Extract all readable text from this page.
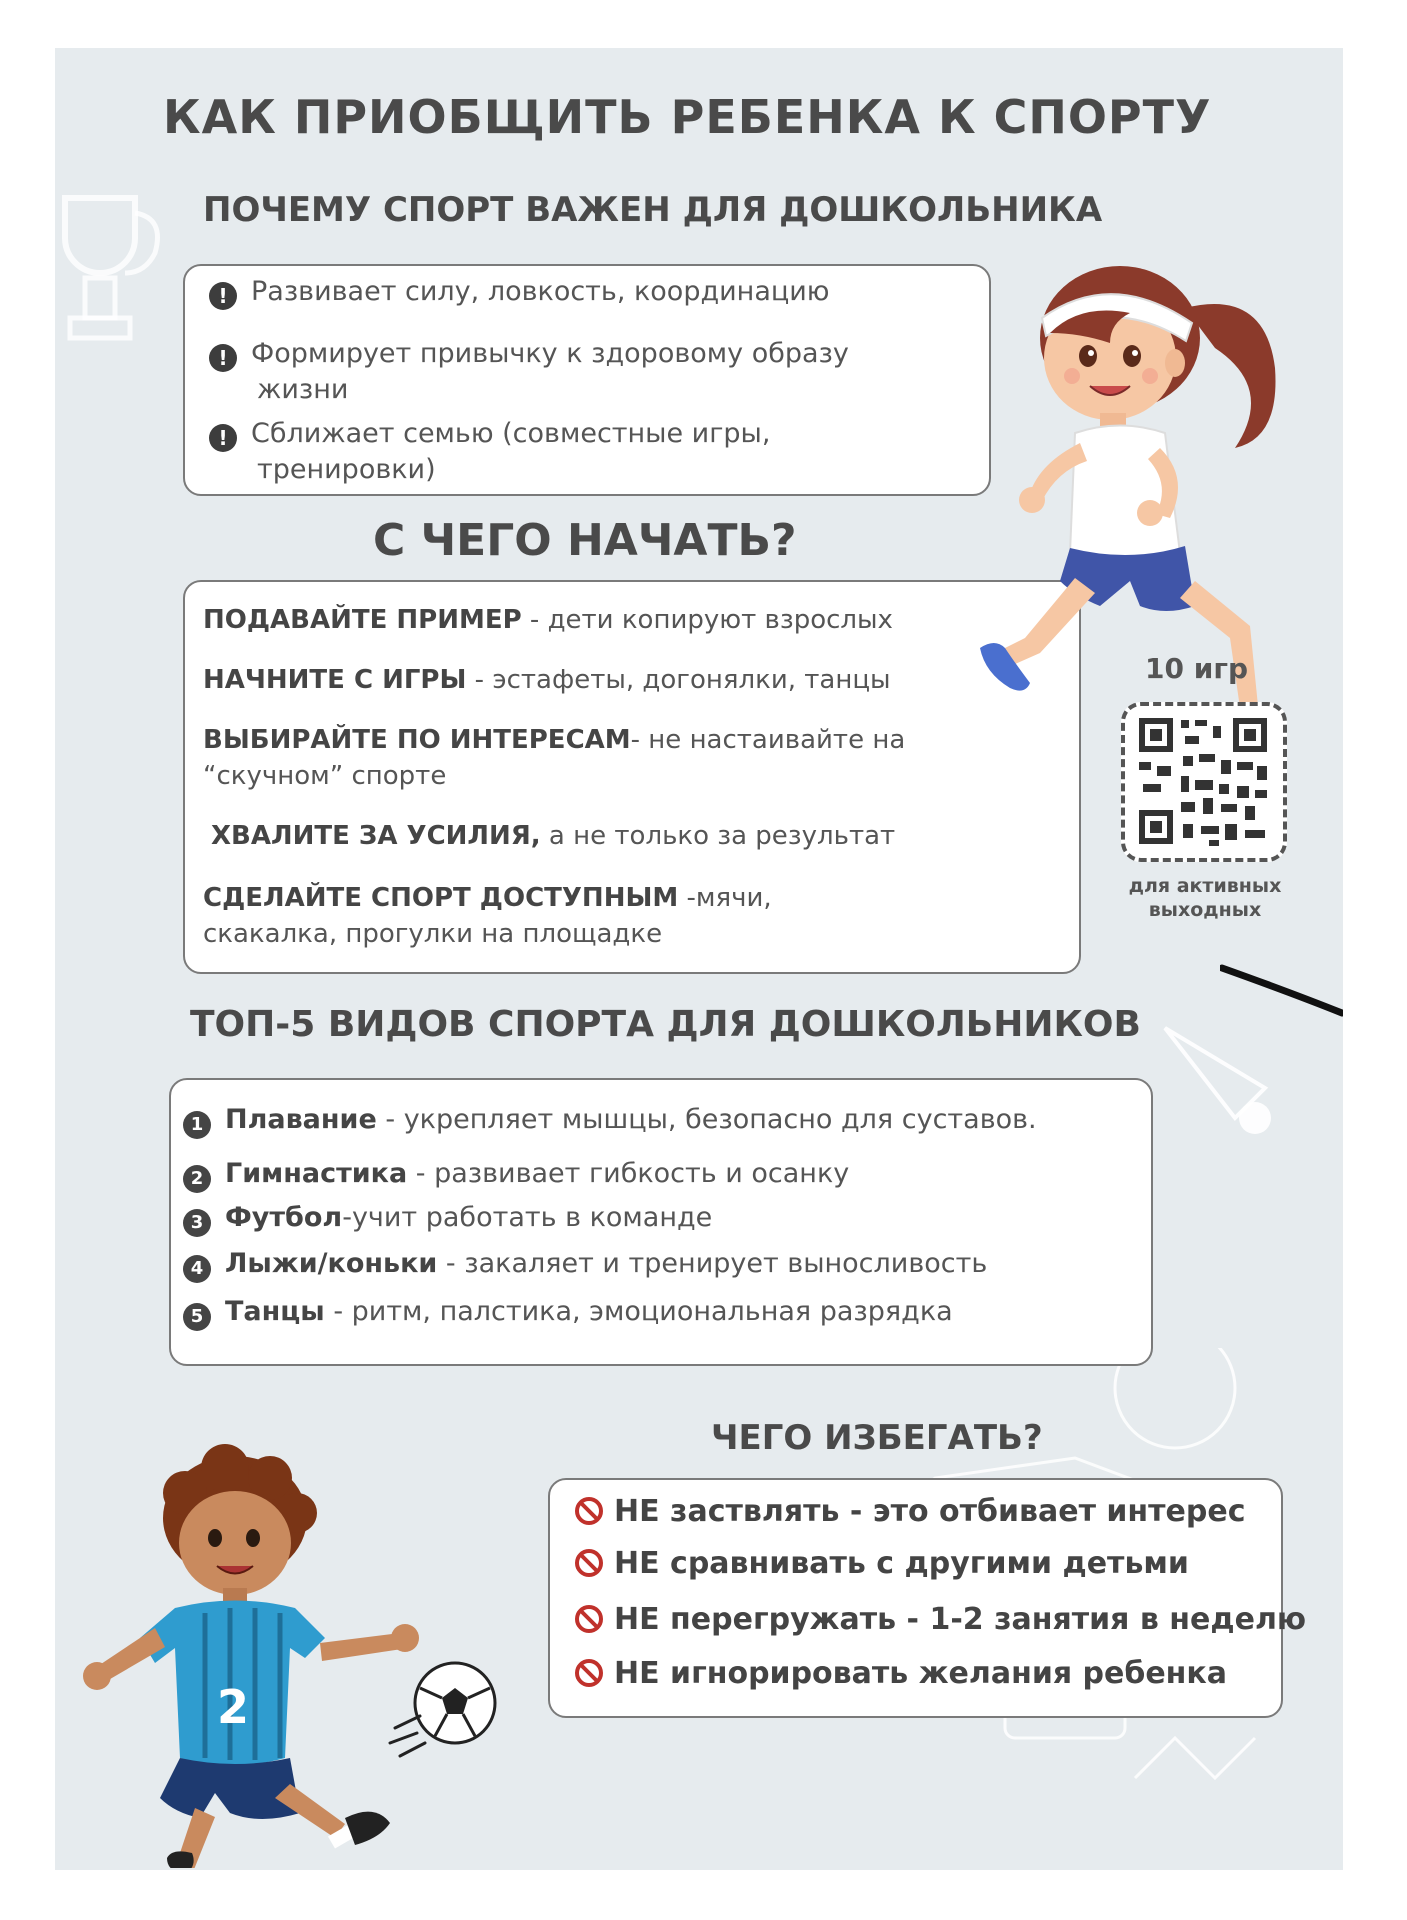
КАК ПРИОБЩИТЬ РЕБЕНКА К СПОРТУ
ПОЧЕМУ СПОРТ ВАЖЕН ДЛЯ ДОШКОЛЬНИКА
! Развивает силу, ловкость, координацию
! Формирует привычку к здоровому образу
жизни
! Сближает семью (совместные игры,
тренировки)
С ЧЕГО НАЧАТЬ?
ПОДАВАЙТЕ ПРИМЕР - дети копируют взрослых
НАЧНИТЕ С ИГРЫ - эстафеты, догонялки, танцы
ВЫБИРАЙТЕ ПО ИНТЕРЕСАМ- не настаивайте на
“скучном” спорте
ХВАЛИТЕ ЗА УСИЛИЯ, а не только за результат
СДЕЛАЙТЕ СПОРТ ДОСТУПНЫМ -мячи,
скакалка, прогулки на площадке
10 игр
для активных
выходных
ТОП-5 ВИДОВ СПОРТА ДЛЯ ДОШКОЛЬНИКОВ
1 Плавание - укрепляет мышцы, безопасно для суставов.
2 Гимнастика - развивает гибкость и осанку
3 Футбол-учит работать в команде
4 Лыжи/коньки - закаляет и тренирует выносливость
5 Танцы - ритм, палстика, эмоциональная разрядка
ЧЕГО ИЗБЕГАТЬ?
НЕ заствлять - это отбивает интерес
НЕ сравнивать с другими детьми
НЕ перегружать - 1-2 занятия в неделю
НЕ игнорировать желания ребенка
2
